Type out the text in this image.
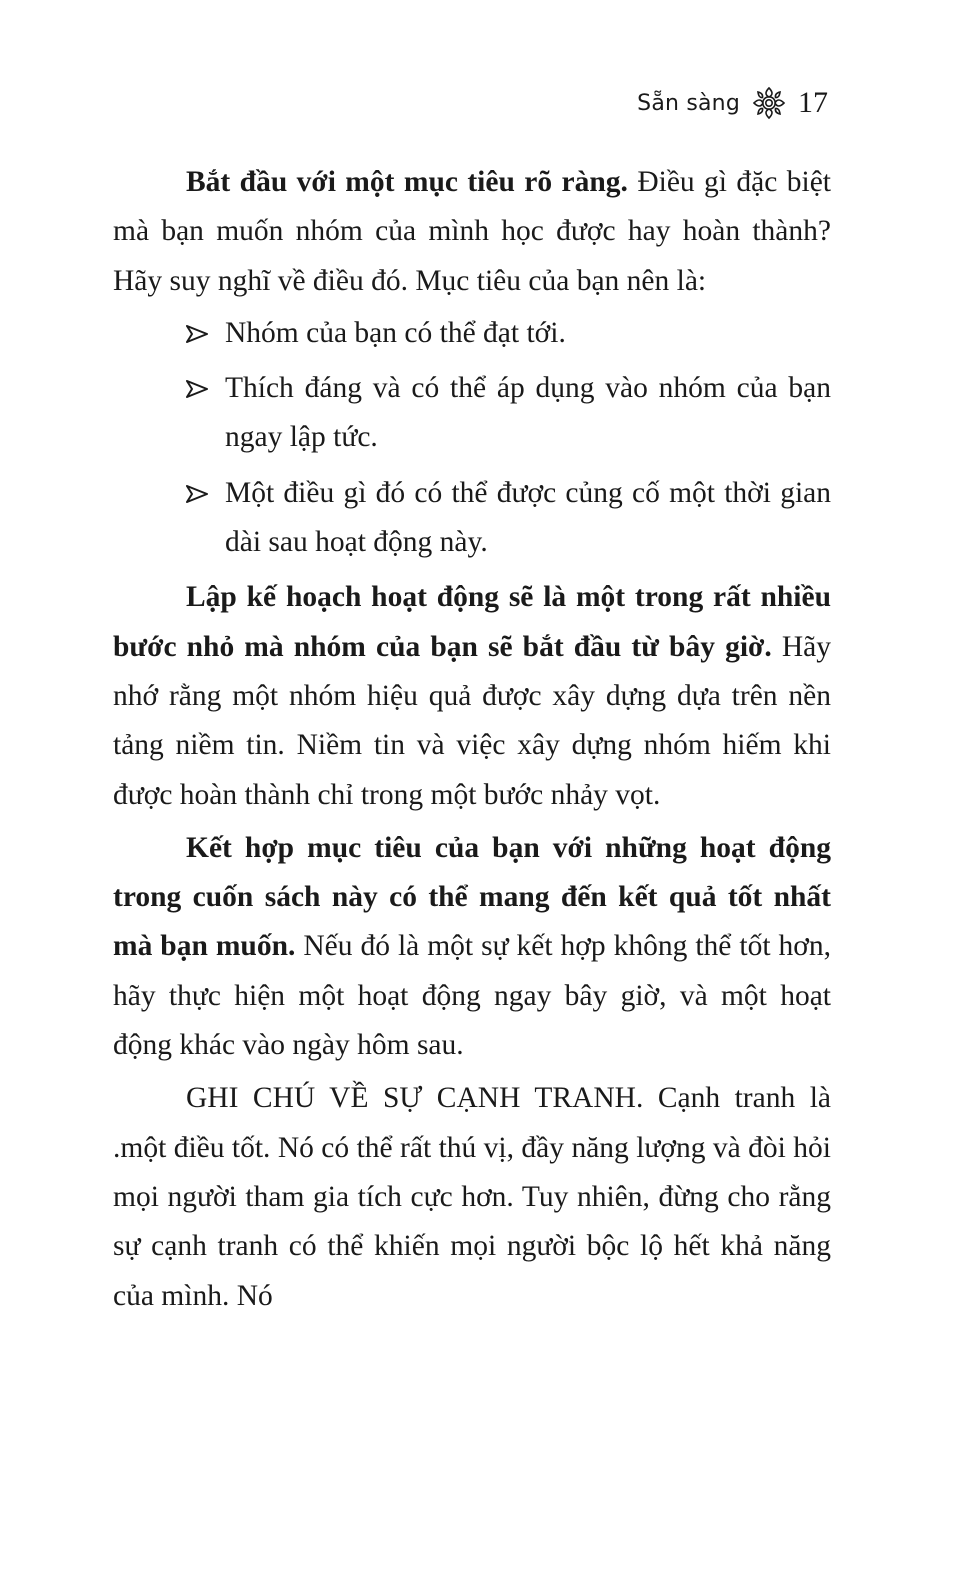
Sẵn sàng 17

Bắt đầu với một mục tiêu rõ ràng. Điều gì đặc biệt mà bạn muốn nhóm của mình học được hay hoàn thành? Hãy suy nghĩ về điều đó. Mục tiêu của bạn nên là:

Nhóm của bạn có thể đạt tới.
Thích đáng và có thể áp dụng vào nhóm của bạn ngay lập tức.
Một điều gì đó có thể được củng cố một thời gian dài sau hoạt động này.

Lập kế hoạch hoạt động sẽ là một trong rất nhiều bước nhỏ mà nhóm của bạn sẽ bắt đầu từ bây giờ. Hãy nhớ rằng một nhóm hiệu quả được xây dựng dựa trên nền tảng niềm tin. Niềm tin và việc xây dựng nhóm hiếm khi được hoàn thành chỉ trong một bước nhảy vọt.

Kết hợp mục tiêu của bạn với những hoạt động trong cuốn sách này có thể mang đến kết quả tốt nhất mà bạn muốn. Nếu đó là một sự kết hợp không thể tốt hơn, hãy thực hiện một hoạt động ngay bây giờ, và một hoạt động khác vào ngày hôm sau.

GHI CHÚ VỀ SỰ CẠNH TRANH. Cạnh tranh là .một điều tốt. Nó có thể rất thú vị, đầy năng lượng và đòi hỏi mọi người tham gia tích cực hơn. Tuy nhiên, đừng cho rằng sự cạnh tranh có thể khiến mọi người bộc lộ hết khả năng của mình. Nó
